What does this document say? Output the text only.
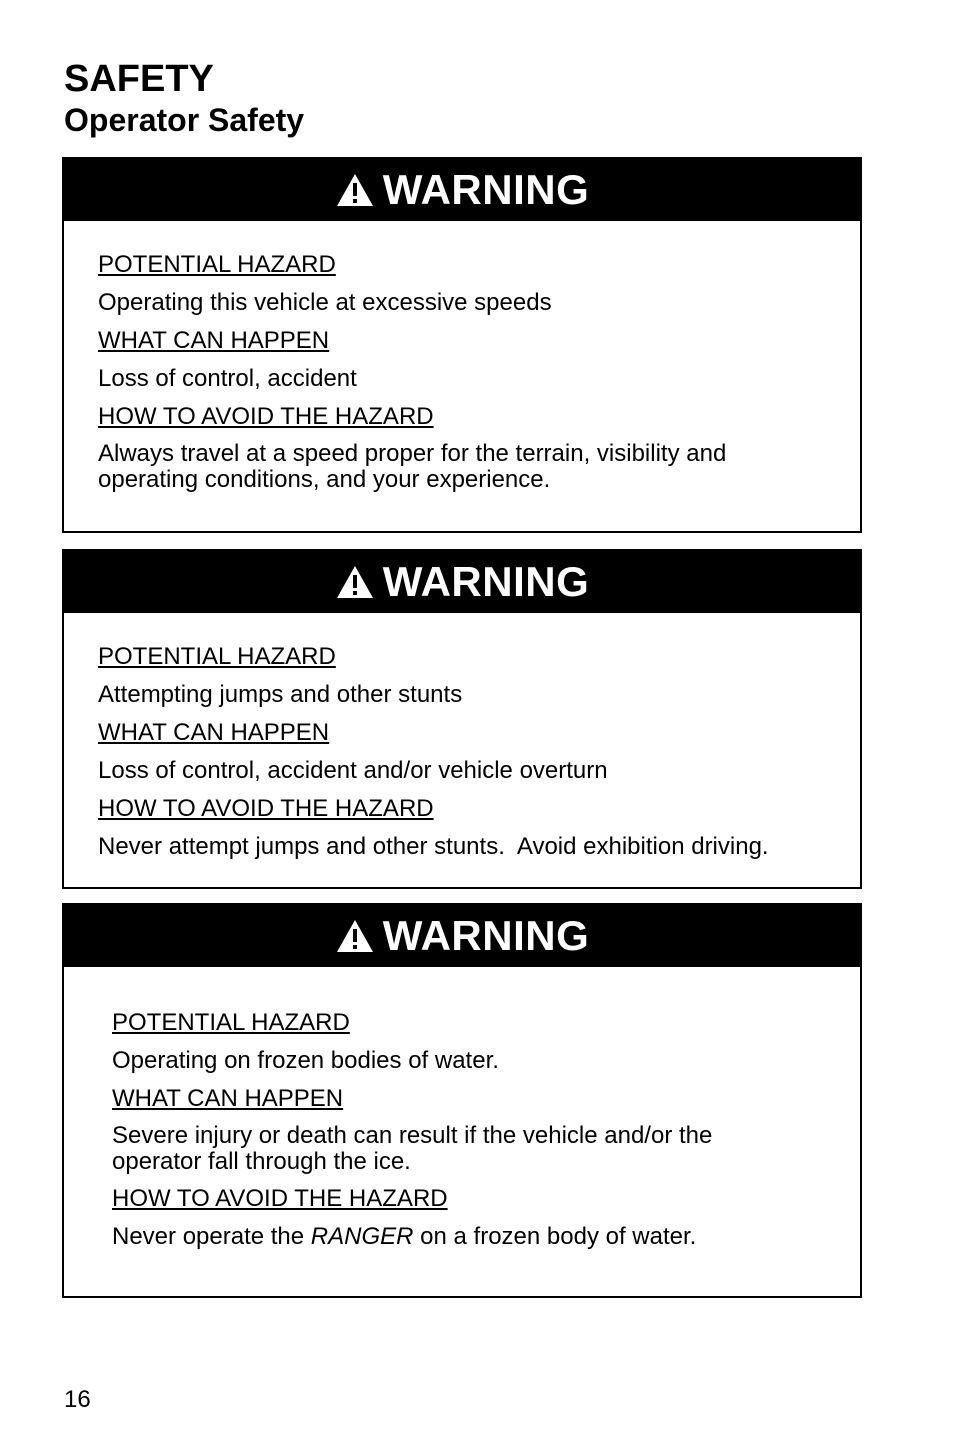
SAFETY
Operator Safety
WARNING

POTENTIAL HAZARD

Operating this vehicle at excessive speeds

WHAT CAN HAPPEN

Loss of control, accident

HOW TO AVOID THE HAZARD

Always travel at a speed proper for the terrain, visibility and operating conditions, and your experience.

WARNING

POTENTIAL HAZARD

Attempting jumps and other stunts

WHAT CAN HAPPEN

Loss of control, accident and/or vehicle overturn

HOW TO AVOID THE HAZARD

Never attempt jumps and other stunts.  Avoid exhibition driving.

WARNING

POTENTIAL HAZARD

Operating on frozen bodies of water.

WHAT CAN HAPPEN

Severe injury or death can result if the vehicle and/or the operator fall through the ice.

HOW TO AVOID THE HAZARD

Never operate the RANGER on a frozen body of water.

16
